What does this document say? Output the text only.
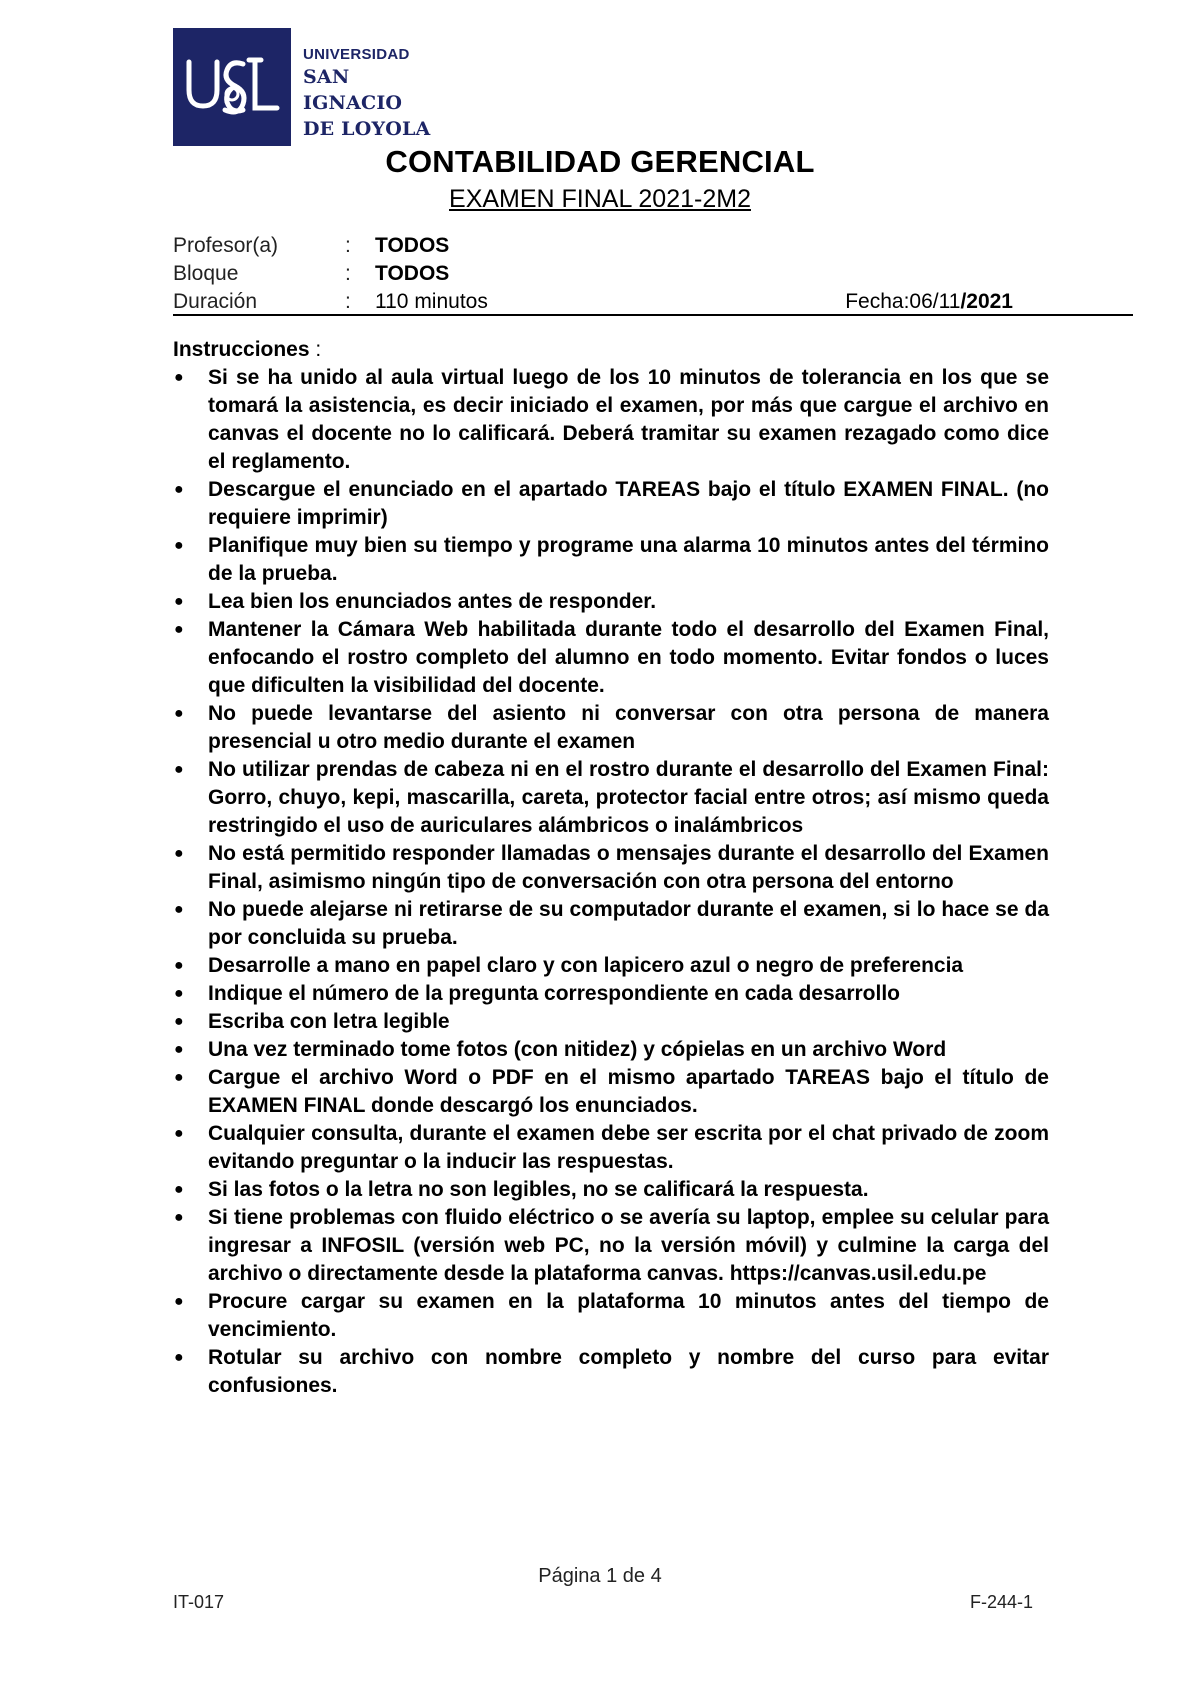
UNIVERSIDAD
SAN IGNACIO
DE LOYOLA
CONTABILIDAD GERENCIAL
EXAMEN FINAL 2021-2M2
Profesor(a)	: TODOS
Bloque	: TODOS
Duración	: 110 minutos	Fecha:06/11/2021
Instrucciones :
● Si se ha unido al aula virtual luego de los 10 minutos de tolerancia en los que se tomará la asistencia, es decir iniciado el examen, por más que cargue el archivo en canvas el docente no lo calificará. Deberá tramitar su examen rezagado como dice el reglamento.
● Descargue el enunciado en el apartado TAREAS bajo el título EXAMEN FINAL. (no requiere imprimir)
● Planifique muy bien su tiempo y programe una alarma 10 minutos antes del término de la prueba.
● Lea bien los enunciados antes de responder.
● Mantener la Cámara Web habilitada durante todo el desarrollo del Examen Final, enfocando el rostro completo del alumno en todo momento. Evitar fondos o luces que dificulten la visibilidad del docente.
● No puede levantarse del asiento ni conversar con otra persona de manera presencial u otro medio durante el examen
● No utilizar prendas de cabeza ni en el rostro durante el desarrollo del Examen Final: Gorro, chuyo, kepi, mascarilla, careta, protector facial entre otros; así mismo queda restringido el uso de auriculares alámbricos o inalámbricos
● No está permitido responder llamadas o mensajes durante el desarrollo del Examen Final, asimismo ningún tipo de conversación con otra persona del entorno
● No puede alejarse ni retirarse de su computador durante el examen, si lo hace se da por concluida su prueba.
● Desarrolle a mano en papel claro y con lapicero azul o negro de preferencia
● Indique el número de la pregunta correspondiente en cada desarrollo
● Escriba con letra legible
● Una vez terminado tome fotos (con nitidez) y cópielas en un archivo Word
● Cargue el archivo Word o PDF en el mismo apartado TAREAS bajo el título de EXAMEN FINAL donde descargó los enunciados.
● Cualquier consulta, durante el examen debe ser escrita por el chat privado de zoom evitando preguntar o la inducir las respuestas.
● Si las fotos o la letra no son legibles, no se calificará la respuesta.
● Si tiene problemas con fluido eléctrico o se avería su laptop, emplee su celular para ingresar a INFOSIL (versión web PC, no la versión móvil) y culmine la carga del archivo o directamente desde la plataforma canvas. https://canvas.usil.edu.pe
● Procure cargar su examen en la plataforma 10 minutos antes del tiempo de vencimiento.
● Rotular su archivo con nombre completo y nombre del curso para evitar confusiones.
Página 1 de 4
IT-017	F-244-1
